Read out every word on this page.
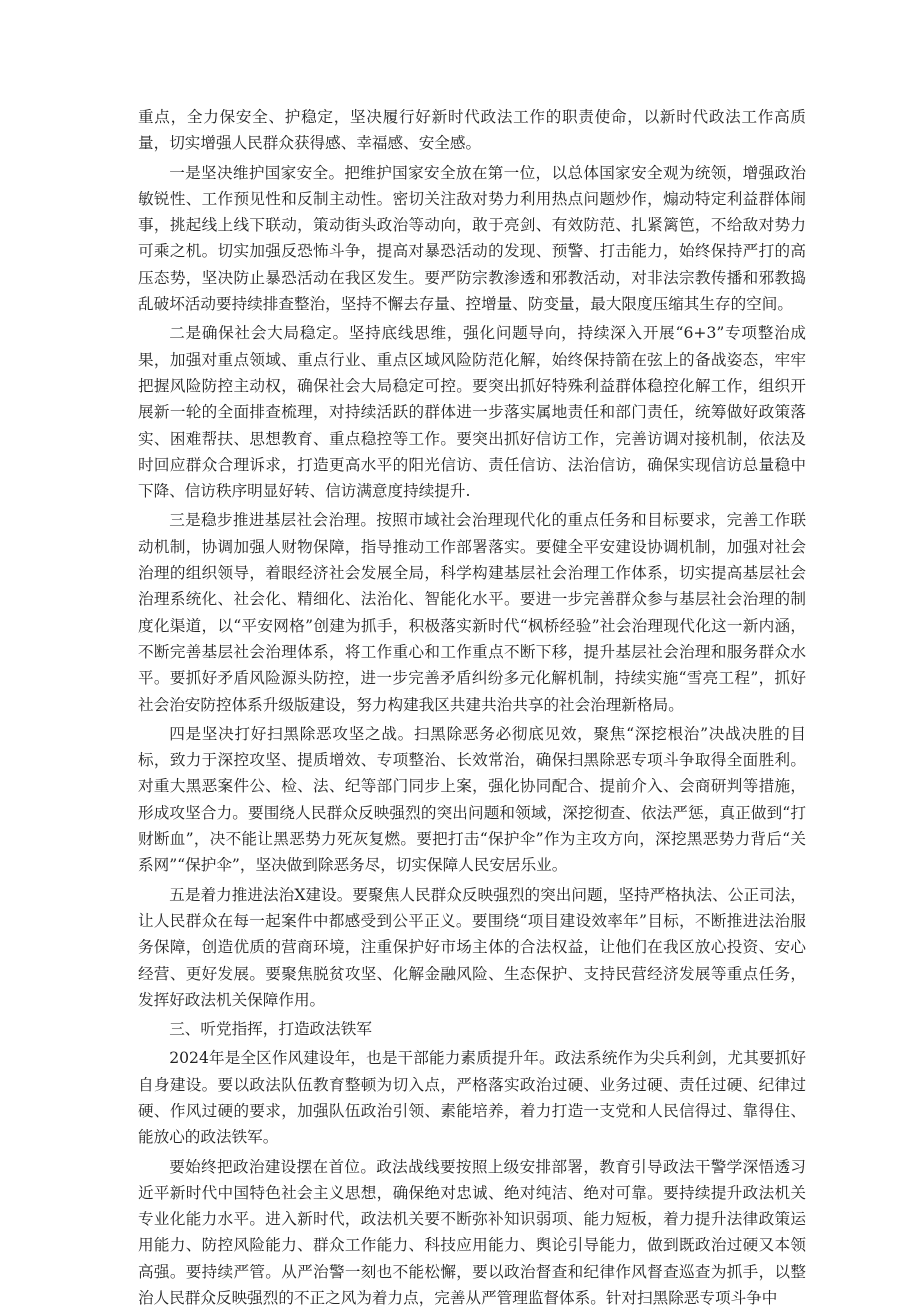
重点，全力保安全、护稳定，坚决履行好新时代政法工作的职责使命，以新时代政法工作高质量，切实增强人民群众获得感、幸福感、安全感。

一是坚决维护国家安全。把维护国家安全放在第一位，以总体国家安全观为统领，增强政治敏锐性、工作预见性和反制主动性。密切关注敌对势力利用热点问题炒作，煽动特定利益群体闹事，挑起线上线下联动，策动街头政治等动向，敢于亮剑、有效防范、扎紧篱笆，不给敌对势力可乘之机。切实加强反恐怖斗争，提高对暴恐活动的发现、预警、打击能力，始终保持严打的高压态势，坚决防止暴恐活动在我区发生。要严防宗教渗透和邪教活动，对非法宗教传播和邪教捣乱破坏活动要持续排查整治，坚持不懈去存量、控增量、防变量，最大限度压缩其生存的空间。

二是确保社会大局稳定。坚持底线思维，强化问题导向，持续深入开展“6+3”专项整治成果，加强对重点领域、重点行业、重点区域风险防范化解，始终保持箭在弦上的备战姿态，牢牢把握风险防控主动权，确保社会大局稳定可控。要突出抓好特殊利益群体稳控化解工作，组织开展新一轮的全面排查梳理，对持续活跃的群体进一步落实属地责任和部门责任，统筹做好政策落实、困难帮扶、思想教育、重点稳控等工作。要突出抓好信访工作，完善访调对接机制，依法及时回应群众合理诉求，打造更高水平的阳光信访、责任信访、法治信访，确保实现信访总量稳中下降、信访秩序明显好转、信访满意度持续提升.

三是稳步推进基层社会治理。按照市域社会治理现代化的重点任务和目标要求，完善工作联动机制，协调加强人财物保障，指导推动工作部署落实。要健全平安建设协调机制，加强对社会治理的组织领导，着眼经济社会发展全局，科学构建基层社会治理工作体系，切实提高基层社会治理系统化、社会化、精细化、法治化、智能化水平。要进一步完善群众参与基层社会治理的制度化渠道，以“平安网格”创建为抓手，积极落实新时代“枫桥经验”社会治理现代化这一新内涵，不断完善基层社会治理体系，将工作重心和工作重点不断下移，提升基层社会治理和服务群众水平。要抓好矛盾风险源头防控，进一步完善矛盾纠纷多元化解机制，持续实施“雪亮工程”，抓好社会治安防控体系升级版建设，努力构建我区共建共治共享的社会治理新格局。

四是坚决打好扫黑除恶攻坚之战。扫黑除恶务必彻底见效，聚焦“深挖根治”决战决胜的目标，致力于深控攻坚、提质增效、专项整治、长效常治，确保扫黑除恶专项斗争取得全面胜利。对重大黑恶案件公、检、法、纪等部门同步上案，强化协同配合、提前介入、会商研判等措施，形成攻坚合力。要围绕人民群众反映强烈的突出问题和领域，深挖彻查、依法严惩，真正做到“打财断血”，决不能让黑恶势力死灰复燃。要把打击“保护伞”作为主攻方向，深挖黑恶势力背后“关系网”“保护伞”，坚决做到除恶务尽，切实保障人民安居乐业。

五是着力推进法治X建设。要聚焦人民群众反映强烈的突出问题，坚持严格执法、公正司法，让人民群众在每一起案件中都感受到公平正义。要围绕“项目建设效率年”目标，不断推进法治服务保障，创造优质的营商环境，注重保护好市场主体的合法权益，让他们在我区放心投资、安心经营、更好发展。要聚焦脱贫攻坚、化解金融风险、生态保护、支持民营经济发展等重点任务，发挥好政法机关保障作用。

三、听党指挥，打造政法铁军

2024年是全区作风建设年，也是干部能力素质提升年。政法系统作为尖兵利剑，尤其要抓好自身建设。要以政法队伍教育整顿为切入点，严格落实政治过硬、业务过硬、责任过硬、纪律过硬、作风过硬的要求，加强队伍政治引领、素能培养，着力打造一支党和人民信得过、靠得住、能放心的政法铁军。

要始终把政治建设摆在首位。政法战线要按照上级安排部署，教育引导政法干警学深悟透习近平新时代中国特色社会主义思想，确保绝对忠诚、绝对纯洁、绝对可靠。要持续提升政法机关专业化能力水平。进入新时代，政法机关要不断弥补知识弱项、能力短板，着力提升法律政策运用能力、防控风险能力、群众工作能力、科技应用能力、舆论引导能力，做到既政治过硬又本领高强。要持续严管。从严治警一刻也不能松懈，要以政治督查和纪律作风督查巡查为抓手，以整治人民群众反映强烈的不正之风为着力点，完善从严管理监督体系。针对扫黑除恶专项斗争中
